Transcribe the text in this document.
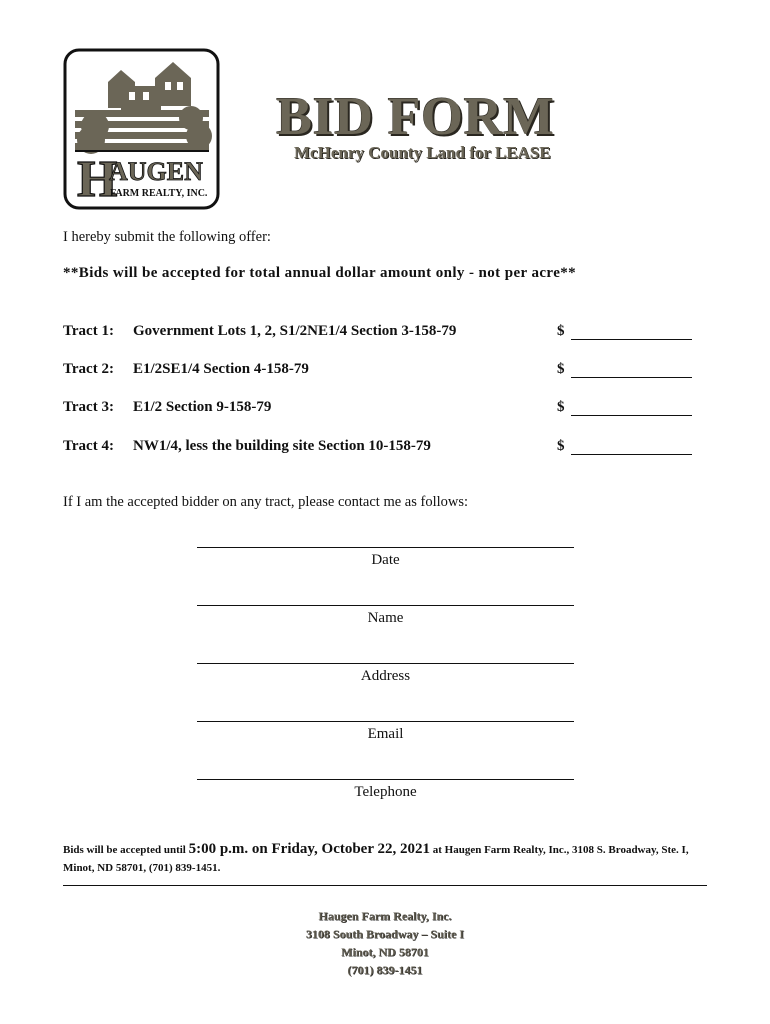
H
AUGEN
FARM REALTY, INC.
BID FORM
McHenry County Land for LEASE
I hereby submit the following offer:
**Bids will be accepted for total annual dollar amount only - not per acre**
Tract 1: Government Lots 1, 2, S1/2NE1/4 Section 3-158-79	$
Tract 2: E1/2SE1/4 Section 4-158-79	$
Tract 3: E1/2 Section 9-158-79	$
Tract 4: NW1/4, less the building site Section 10-158-79	$
If I am the accepted bidder on any tract, please contact me as follows:
Date
Name
Address
Email
Telephone
Bids will be accepted until 5:00 p.m. on Friday, October 22, 2021 at Haugen Farm Realty, Inc., 3108 S. Broadway, Ste. I, Minot, ND 58701, (701) 839-1451.
Haugen Farm Realty, Inc.
3108 South Broadway – Suite I
Minot, ND 58701
(701) 839-1451
